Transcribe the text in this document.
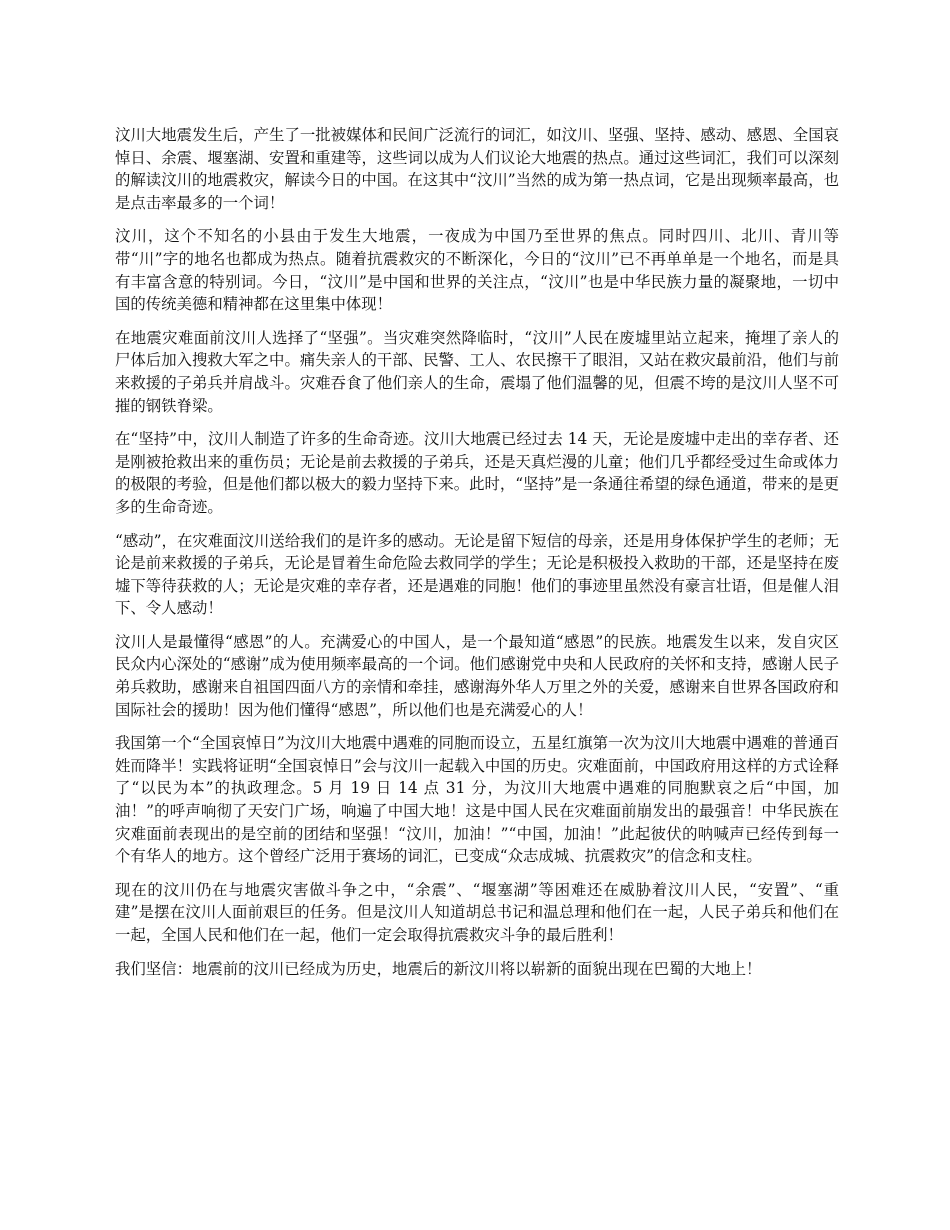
汶川大地震发生后，产生了一批被媒体和民间广泛流行的词汇，如汶川、坚强、坚持、感动、感恩、全国哀悼日、余震、堰塞湖、安置和重建等，这些词以成为人们议论大地震的热点。通过这些词汇，我们可以深刻的解读汶川的地震救灾，解读今日的中国。在这其中“汶川”当然的成为第一热点词，它是出现频率最高，也是点击率最多的一个词！

汶川，这个不知名的小县由于发生大地震，一夜成为中国乃至世界的焦点。同时四川、北川、青川等带“川”字的地名也都成为热点。随着抗震救灾的不断深化，今日的“汶川”已不再单单是一个地名，而是具有丰富含意的特别词。今日，“汶川”是中国和世界的关注点，“汶川”也是中华民族力量的凝聚地，一切中国的传统美德和精神都在这里集中体现！

在地震灾难面前汶川人选择了“坚强”。当灾难突然降临时，“汶川”人民在废墟里站立起来，掩埋了亲人的尸体后加入搜救大军之中。痛失亲人的干部、民警、工人、农民擦干了眼泪，又站在救灾最前沿，他们与前来救援的子弟兵并肩战斗。灾难吞食了他们亲人的生命，震塌了他们温馨的见，但震不垮的是汶川人坚不可摧的钢铁脊梁。

在“坚持”中，汶川人制造了许多的生命奇迹。汶川大地震已经过去 14 天，无论是废墟中走出的幸存者、还是刚被抢救出来的重伤员；无论是前去救援的子弟兵，还是天真烂漫的儿童；他们几乎都经受过生命或体力的极限的考验，但是他们都以极大的毅力坚持下来。此时，“坚持”是一条通往希望的绿色通道，带来的是更多的生命奇迹。

“感动”，在灾难面汶川送给我们的是许多的感动。无论是留下短信的母亲，还是用身体保护学生的老师；无论是前来救援的子弟兵，无论是冒着生命危险去救同学的学生；无论是积极投入救助的干部，还是坚持在废墟下等待获救的人；无论是灾难的幸存者，还是遇难的同胞！他们的事迹里虽然没有豪言壮语，但是催人泪下、令人感动！

汶川人是最懂得“感恩”的人。充满爱心的中国人，是一个最知道“感恩”的民族。地震发生以来，发自灾区民众内心深处的“感谢”成为使用频率最高的一个词。他们感谢党中央和人民政府的关怀和支持，感谢人民子弟兵救助，感谢来自祖国四面八方的亲情和牵挂，感谢海外华人万里之外的关爱，感谢来自世界各国政府和国际社会的援助！因为他们懂得“感恩”，所以他们也是充满爱心的人！

我国第一个“全国哀悼日”为汶川大地震中遇难的同胞而设立，五星红旗第一次为汶川大地震中遇难的普通百姓而降半！实践将证明“全国哀悼日”会与汶川一起载入中国的历史。灾难面前，中国政府用这样的方式诠释了“以民为本”的执政理念。5 月 19 日 14 点 31 分，为汶川大地震中遇难的同胞默哀之后“中国，加油！”的呼声响彻了天安门广场，响遍了中国大地！这是中国人民在灾难面前崩发出的最强音！中华民族在灾难面前表现出的是空前的团结和坚强！“汶川，加油！”“中国，加油！”此起彼伏的呐喊声已经传到每一个有华人的地方。这个曾经广泛用于赛场的词汇，已变成“众志成城、抗震救灾”的信念和支柱。

现在的汶川仍在与地震灾害做斗争之中，“余震”、“堰塞湖”等困难还在威胁着汶川人民，“安置”、“重建”是摆在汶川人面前艰巨的任务。但是汶川人知道胡总书记和温总理和他们在一起，人民子弟兵和他们在一起，全国人民和他们在一起，他们一定会取得抗震救灾斗争的最后胜利！

我们坚信：地震前的汶川已经成为历史，地震后的新汶川将以崭新的面貌出现在巴蜀的大地上！
